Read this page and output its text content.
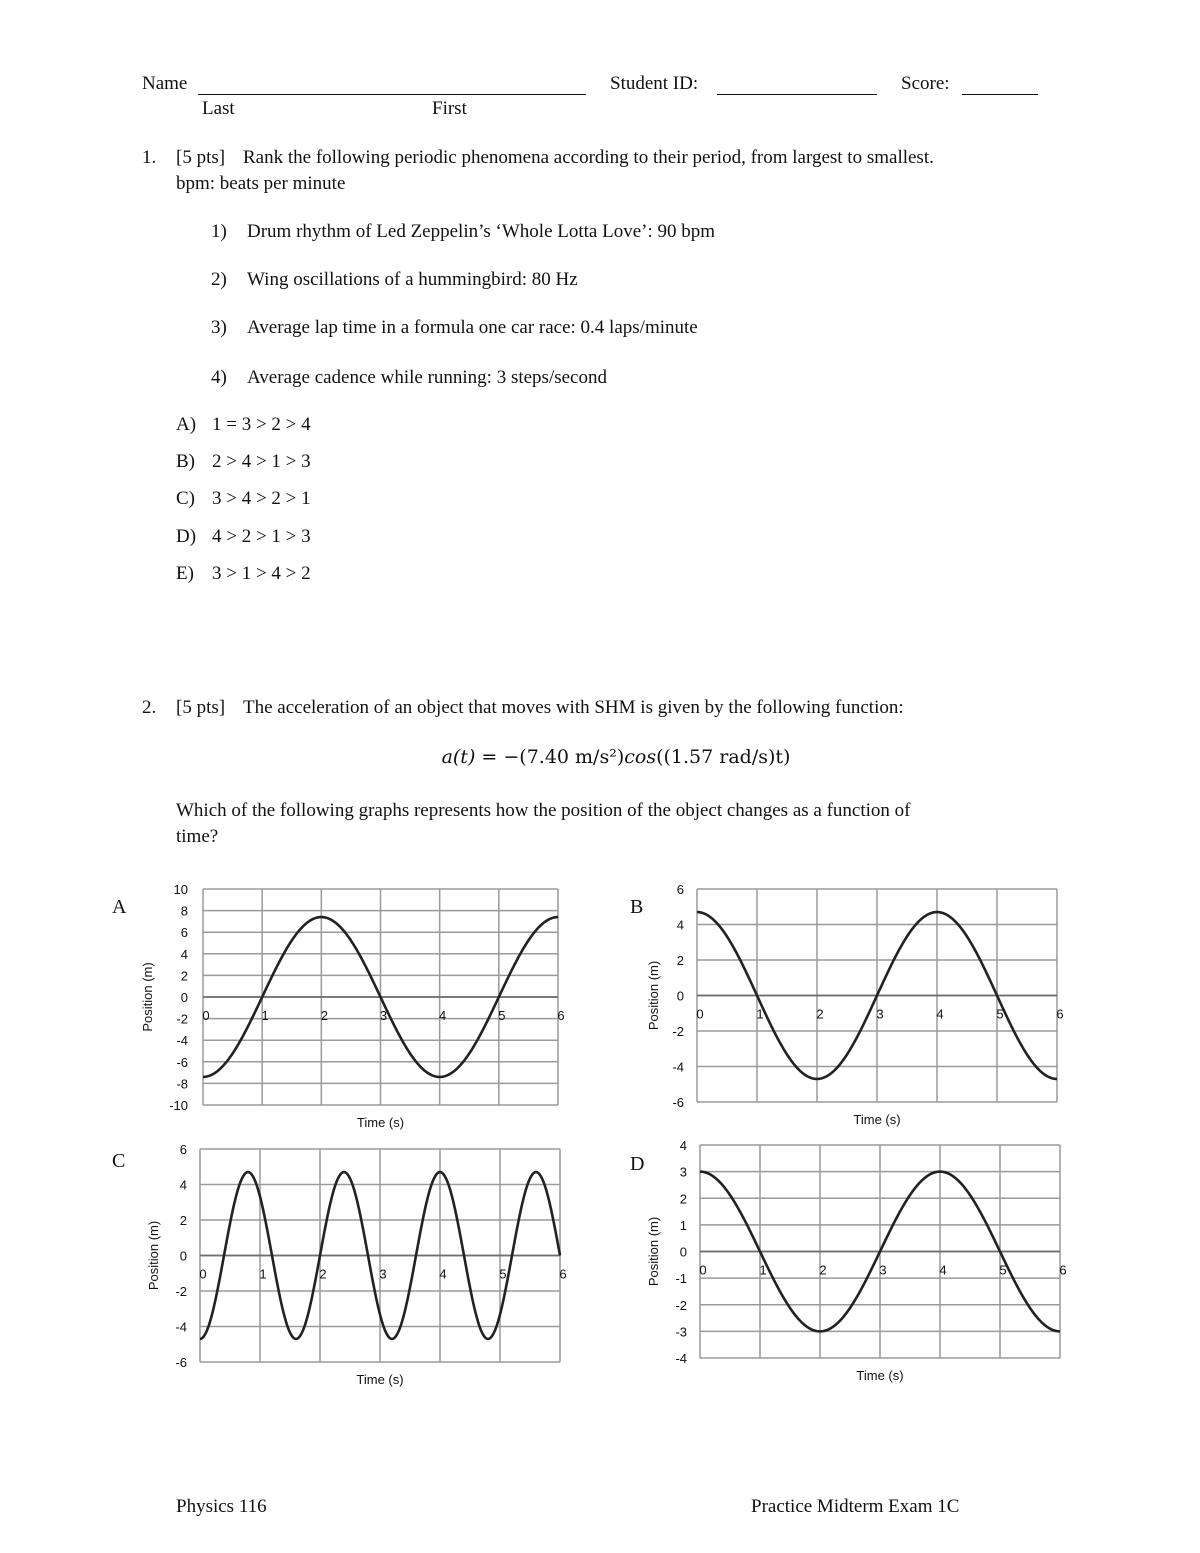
Name
Last	First
Student ID:	Score:
1. [5 pts] Rank the following periodic phenomena according to their period, from largest to smallest.
bpm: beats per minute
1) Drum rhythm of Led Zeppelin’s ‘Whole Lotta Love’: 90 bpm
2) Wing oscillations of a hummingbird: 80 Hz
3) Average lap time in a formula one car race: 0.4 laps/minute
4) Average cadence while running: 3 steps/second
A) 1 = 3 > 2 > 4
B) 2 > 4 > 1 > 3
C) 3 > 4 > 2 > 1
D) 4 > 2 > 1 > 3
E) 3 > 1 > 4 > 2
2. [5 pts] The acceleration of an object that moves with SHM is given by the following function:
a(t) = −(7.40 m/s²)cos((1.57 rad/s)t)
Which of the following graphs represents how the position of the object changes as a function of
time?
A	B
C	D
10
8
6
4
2
0
-2
-4
-6
-8
-10
0	1	2	3	4	5	6
Time (s)
Position (m)
6
4
2
0
-2
-4
-6
0	1	2	3	4	5	6
Time (s)
Position (m)
6
4
2
0
-2
-4
-6
0	1	2	3	4	5	6
Time (s)
Position (m)
4
3
2
1
0
-1
-2
-3
-4
0	1	2	3	4	5	6
Time (s)
Position (m)
Physics 116	Practice Midterm Exam 1C
